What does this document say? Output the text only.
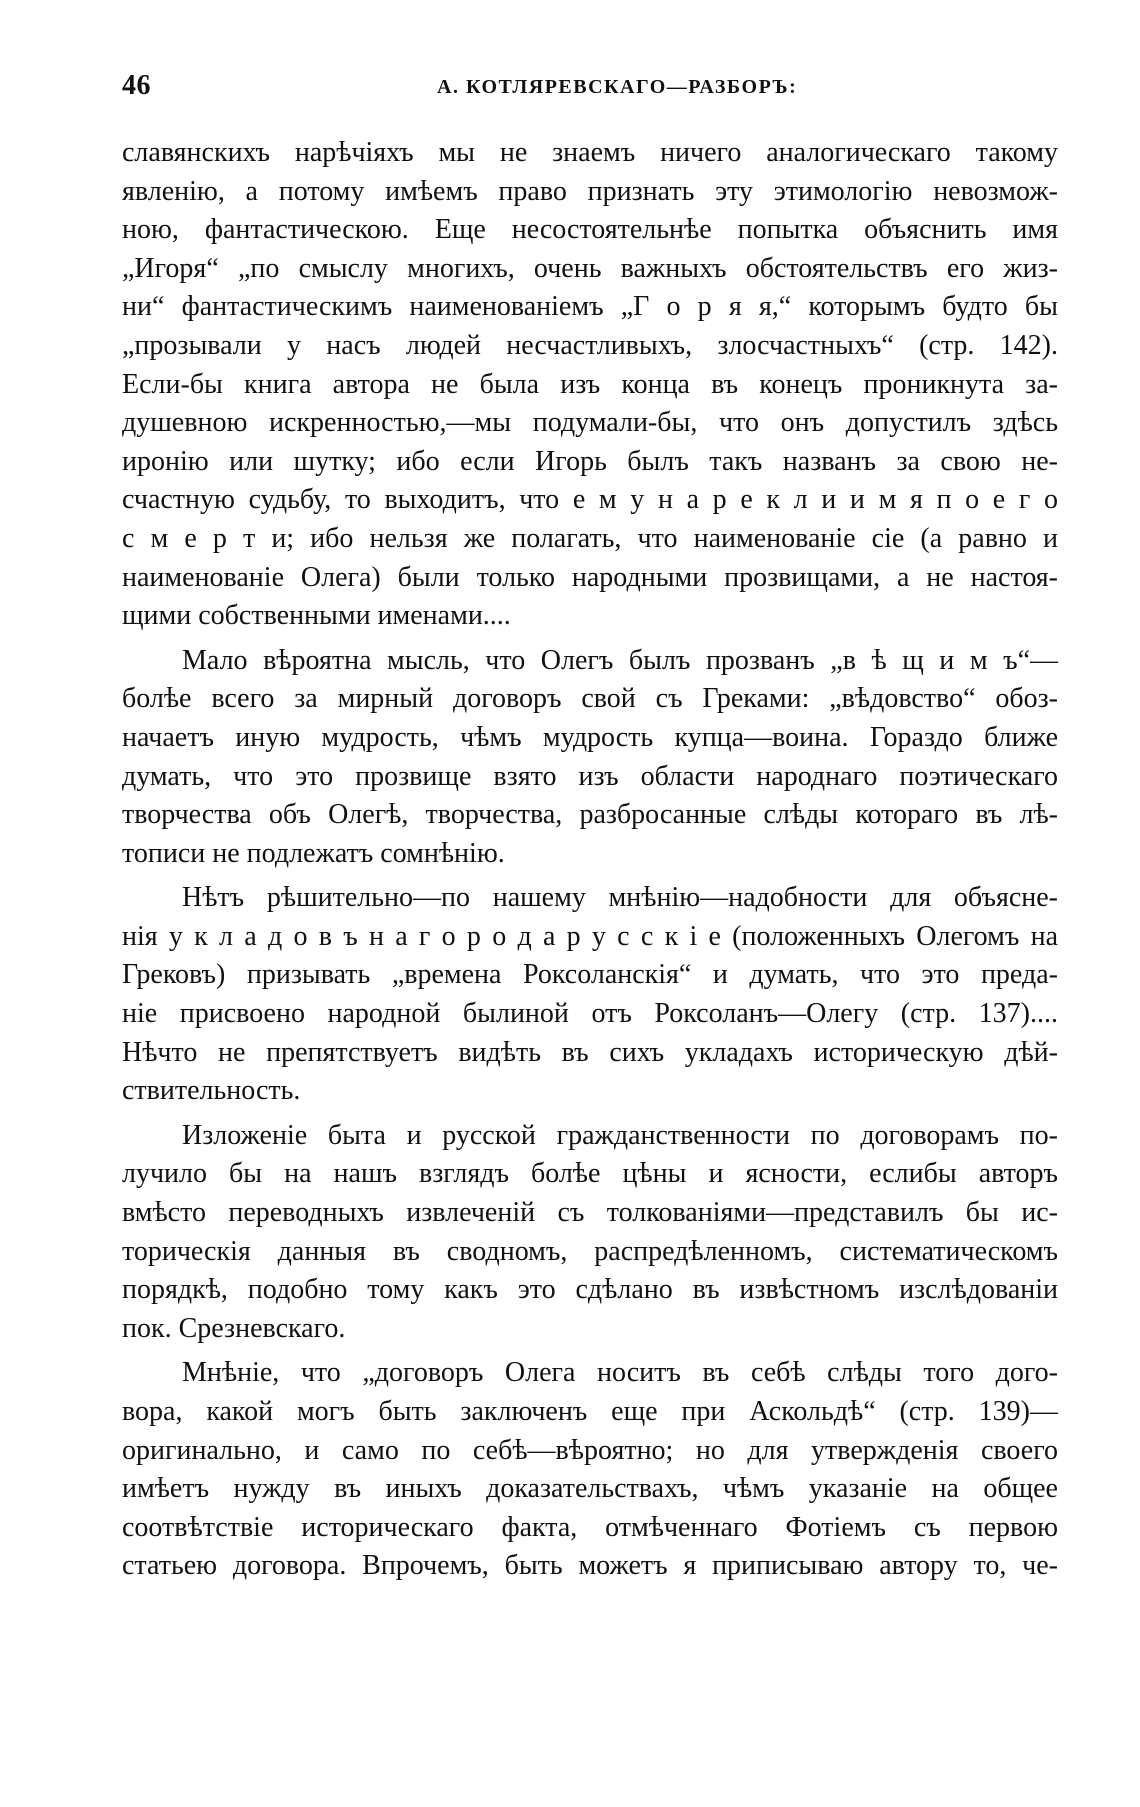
46	А. КОТЛЯРЕВСКАГО—РАЗБОРЪ:
славянскихъ нарѣчіяхъ мы не знаемъ ничего аналогическаго такому
явленію, а потому имѣемъ право признать эту этимологію невозмож-
ною, фантастическою. Еще несостоятельнѣе попытка объяснить имя
„Игоря“ „по смыслу многихъ, очень важныхъ обстоятельствъ его жиз-
ни“ фантастическимъ наименованіемъ „Г о р я я,“ которымъ будто бы
„прозывали у насъ людей несчастливыхъ, злосчастныхъ“ (стр. 142).
Если-бы книга автора не была изъ конца въ конецъ проникнута за-
душевною искренностью,—мы подумали-бы, что онъ допустилъ здѣсь
иронію или шутку; ибо если Игорь былъ такъ названъ за свою не-
счастную судьбу, то выходитъ, что е м у н а р е к л и и м я п о е г о
с м е р т и; ибо нельзя же полагать, что наименованіе сіе (а равно и
наименованіе Олега) были только народными прозвищами, а не настоя-
щими собственными именами....
Мало вѣроятна мысль, что Олегъ былъ прозванъ „в ѣ щ и м ъ“—
болѣе всего за мирный договоръ свой съ Греками: „вѣдовство“ обоз-
начаетъ иную мудрость, чѣмъ мудрость купца—воина. Гораздо ближе
думать, что это прозвище взято изъ области народнаго поэтическаго
творчества объ Олегѣ, творчества, разбросанные слѣды котораго въ лѣ-
тописи не подлежатъ сомнѣнію.
Нѣтъ рѣшительно—по нашему мнѣнію—надобности для объясне-
нія у к л а д о в ъ н а г о р о д а р у с с к і е (положенныхъ Олегомъ на
Грековъ) призывать „времена Роксоланскія“ и думать, что это преда-
ніе присвоено народной былиной отъ Роксоланъ—Олегу (стр. 137)....
Нѣчто не препятствуетъ видѣть въ сихъ укладахъ историческую дѣй-
ствительность.
Изложеніе быта и русской гражданственности по договорамъ по-
лучило бы на нашъ взглядъ болѣе цѣны и ясности, еслибы авторъ
вмѣсто переводныхъ извлеченій съ толкованіями—представилъ бы ис-
торическія данныя въ сводномъ, распредѣленномъ, систематическомъ
порядкѣ, подобно тому какъ это сдѣлано въ извѣстномъ изслѣдованіи
пок. Срезневскаго.
Мнѣніе, что „договоръ Олега носитъ въ себѣ слѣды того дого-
вора, какой могъ быть заключенъ еще при Аскольдѣ“ (стр. 139)—
оригинально, и само по себѣ—вѣроятно; но для утвержденія своего
имѣетъ нужду въ иныхъ доказательствахъ, чѣмъ указаніе на общее
соотвѣтствіе историческаго факта, отмѣченнаго Фотіемъ съ первою
статьею договора. Впрочемъ, быть можетъ я приписываю автору то, че-
